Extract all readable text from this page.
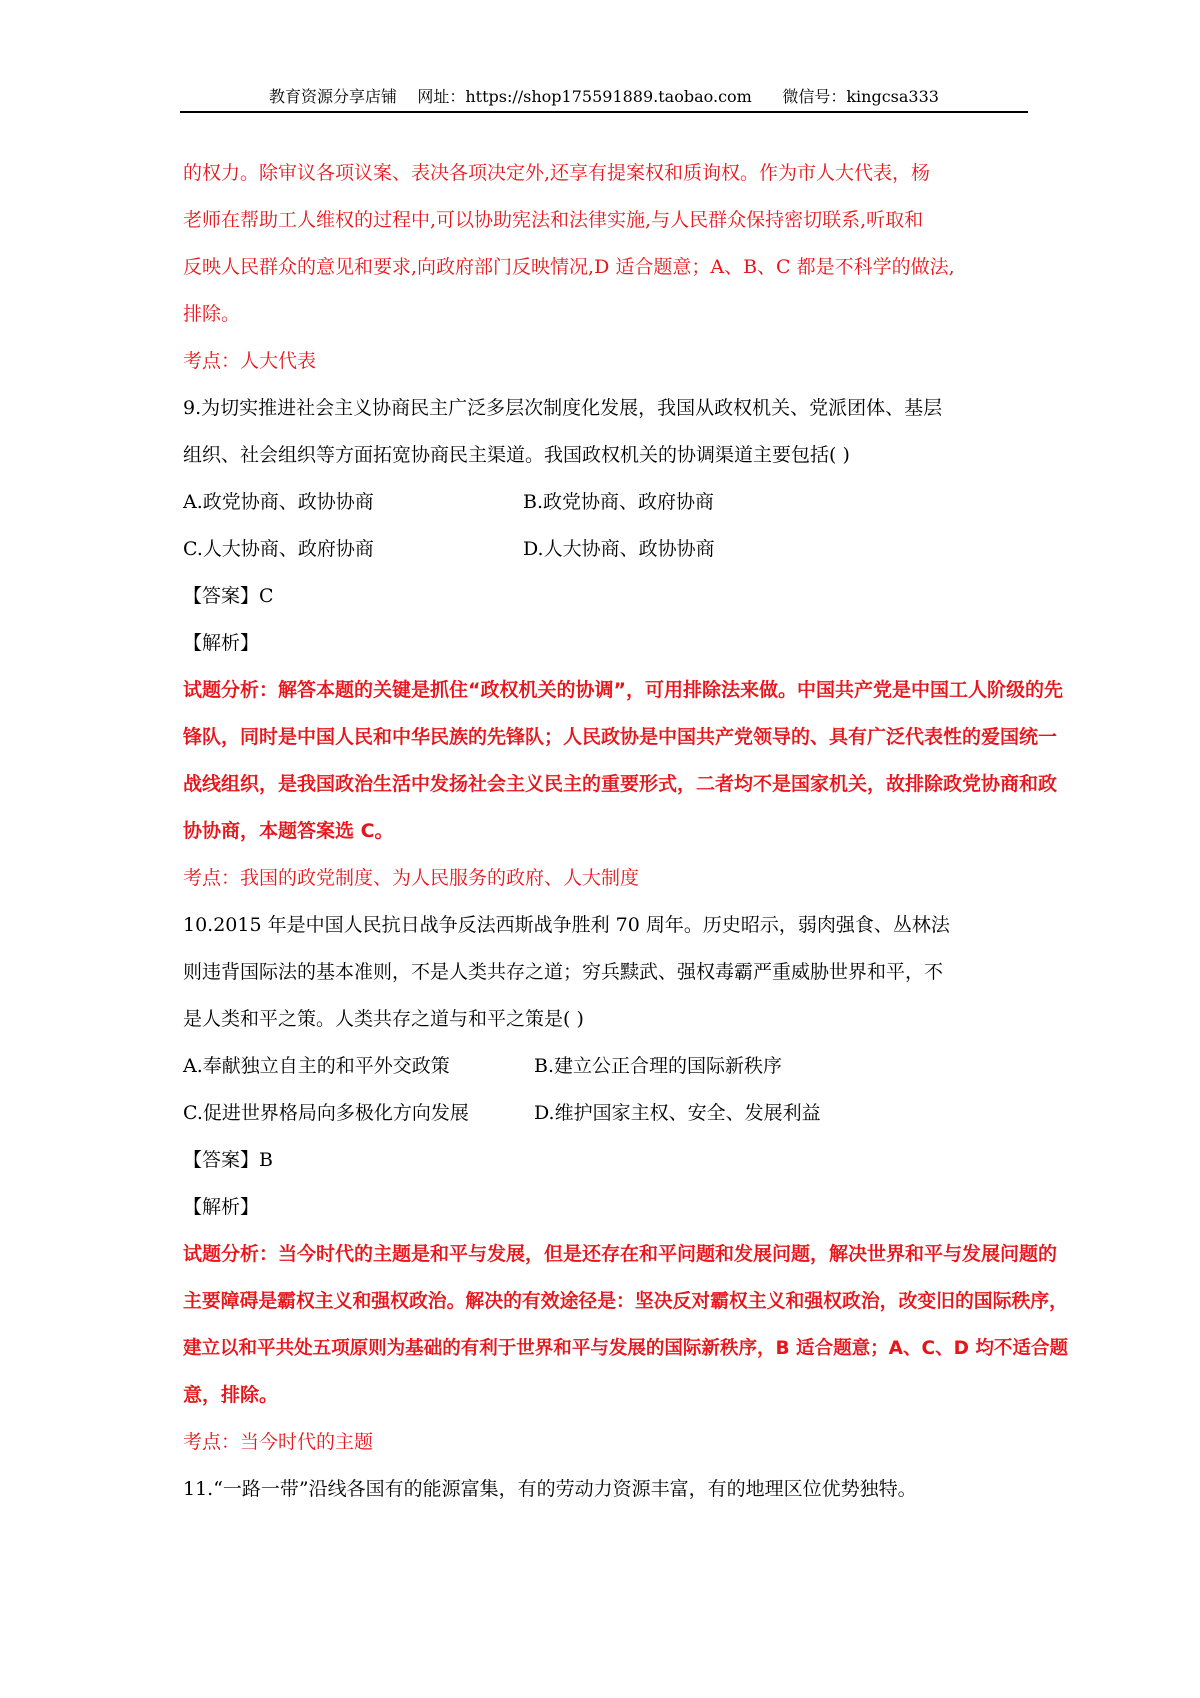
教育资源分享店铺 网址：https://shop175591889.taobao.com 微信号：kingcsa333

的权力。除审议各项议案、表决各项决定外,还享有提案权和质询权。作为市人大代表，杨

老师在帮助工人维权的过程中,可以协助宪法和法律实施,与人民群众保持密切联系,听取和

反映人民群众的意见和要求,向政府部门反映情况,D 适合题意；A、B、C 都是不科学的做法,

排除。

考点：人大代表

9.为切实推进社会主义协商民主广泛多层次制度化发展，我国从政权机关、党派团体、基层

组织、社会组织等方面拓宽协商民主渠道。我国政权机关的协调渠道主要包括( )

A.政党协商、政协协商	B.政党协商、政府协商
C.人大协商、政府协商	D.人大协商、政协协商

【答案】C

【解析】

试题分析：解答本题的关键是抓住“政权机关的协调”，可用排除法来做。中国共产党是中国工人阶级的先

锋队，同时是中国人民和中华民族的先锋队；人民政协是中国共产党领导的、具有广泛代表性的爱国统一

战线组织，是我国政治生活中发扬社会主义民主的重要形式，二者均不是国家机关，故排除政党协商和政

协协商，本题答案选 C。

考点：我国的政党制度、为人民服务的政府、人大制度

10.2015 年是中国人民抗日战争反法西斯战争胜利 70 周年。历史昭示，弱肉强食、丛林法

则违背国际法的基本准则，不是人类共存之道；穷兵黩武、强权毒霸严重威胁世界和平，不

是人类和平之策。人类共存之道与和平之策是( )

A.奉献独立自主的和平外交政策	B.建立公正合理的国际新秩序
C.促进世界格局向多极化方向发展	D.维护国家主权、安全、发展利益

【答案】B

【解析】

试题分析：当今时代的主题是和平与发展，但是还存在和平问题和发展问题，解决世界和平与发展问题的

主要障碍是霸权主义和强权政治。解决的有效途径是：坚决反对霸权主义和强权政治，改变旧的国际秩序，

建立以和平共处五项原则为基础的有利于世界和平与发展的国际新秩序，B 适合题意；A、C、D 均不适合题

意，排除。

考点：当今时代的主题

11.“一路一带”沿线各国有的能源富集，有的劳动力资源丰富，有的地理区位优势独特。
